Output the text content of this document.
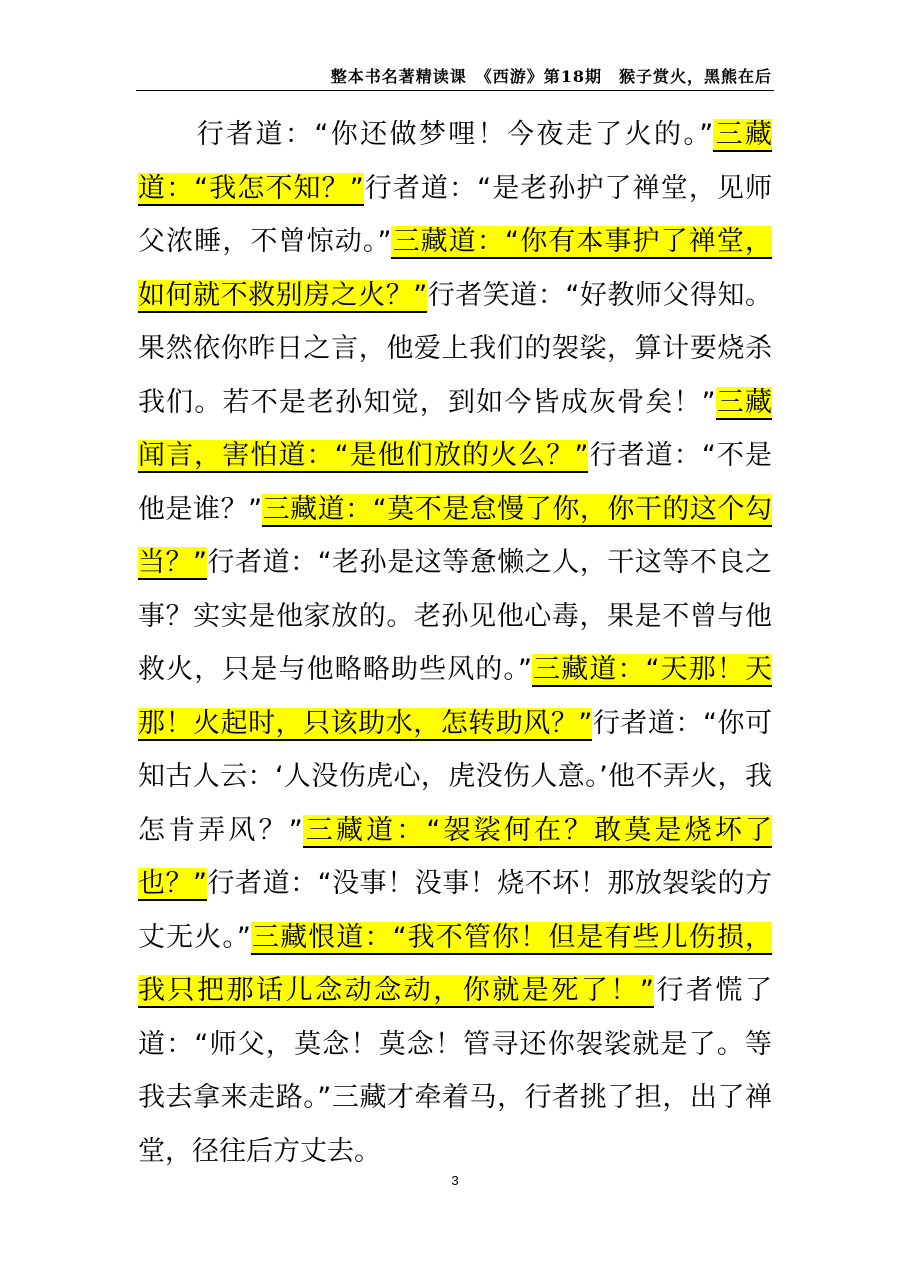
整本书名著精读课　《西游》第18期　猴子赏火，黑熊在后

　　行者道：“你还做梦哩！今夜走了火的。”三藏道：“我怎不知？”行者道：“是老孙护了禅堂，见师父浓睡，不曾惊动。”三藏道：“你有本事护了禅堂，如何就不救别房之火？”行者笑道：“好教师父得知。果然依你昨日之言，他爱上我们的袈裟，算计要烧杀我们。若不是老孙知觉，到如今皆成灰骨矣！”三藏闻言，害怕道：“是他们放的火么？”行者道：“不是他是谁？”三藏道：“莫不是怠慢了你，你干的这个勾当？”行者道：“老孙是这等惫懒之人，干这等不良之事？实实是他家放的。老孙见他心毒，果是不曾与他救火，只是与他略略助些风的。”三藏道：“天那！天那！火起时，只该助水，怎转助风？”行者道：“你可知古人云：‘人没伤虎心，虎没伤人意。’他不弄火，我怎肯弄风？”三藏道：“袈裟何在？敢莫是烧坏了也？”行者道：“没事！没事！烧不坏！那放袈裟的方丈无火。”三藏恨道：“我不管你！但是有些儿伤损，我只把那话儿念动念动，你就是死了！”行者慌了道：“师父，莫念！莫念！管寻还你袈裟就是了。等我去拿来走路。”三藏才牵着马，行者挑了担，出了禅堂，径往后方丈去。

3
